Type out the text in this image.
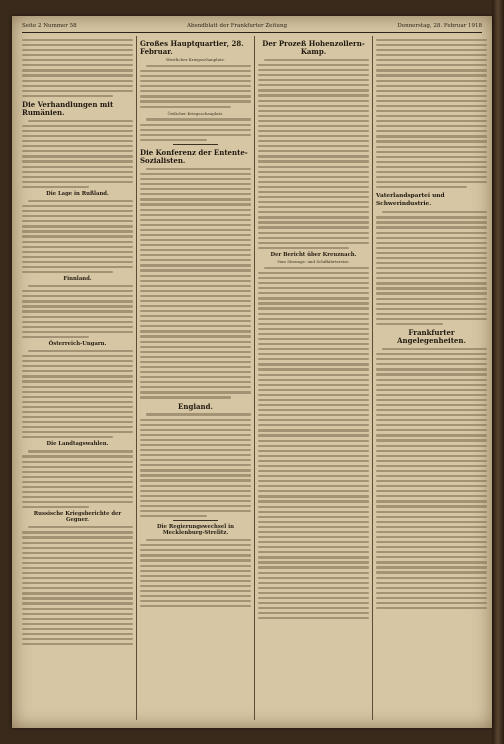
Seite 2 Nummer 58	Abendblatt der Frankfurter Zeitung	Donnerstag, 28. Februar 1918
Die Verhandlungen mit Rumänien.
Die Lage in Rußland.
Finnland.
Österreich-Ungarn.
Die Landtagswahlen.
Russische Kriegsberichte der Gegner.
Großes Hauptquartier, 28. Februar.
Westlicher Kriegsschauplatz.
Östlicher Kriegsschauplatz.
Die Konferenz der Entente-Sozialisten.
England.
Die Regierungswechsel in Mecklenburg-Strelitz.
Der Prozeß Hohenzollern-Kamp.
Der Bericht über Kreuznach.
Vom Sitzungs- und Schiffahrtsreise.
Vaterlandspartei und Schwerindustrie.
Frankfurter Angelegenheiten.
